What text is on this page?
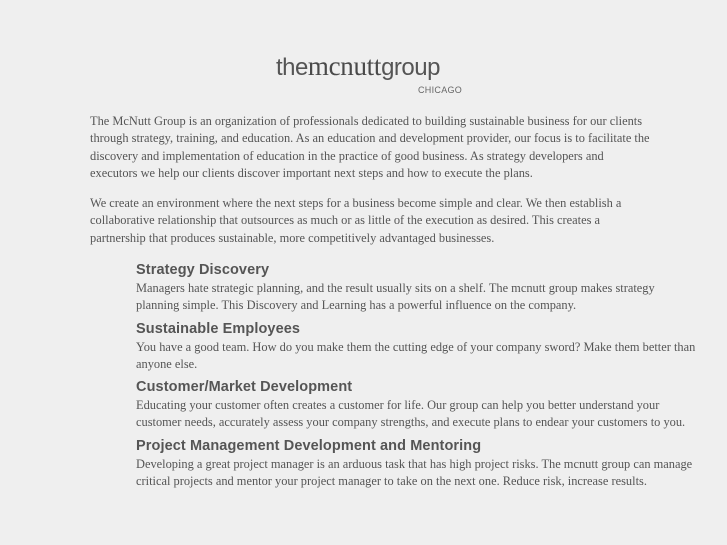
themcnuttgroup
CHICAGO

The McNutt Group is an organization of professionals dedicated to building sustainable business for our clients through strategy, training, and education. As an education and development provider, our focus is to facilitate the discovery and implementation of education in the practice of good business. As strategy developers and executors we help our clients discover important next steps and how to execute the plans.

We create an environment where the next steps for a business become simple and clear. We then establish a collaborative relationship that outsources as much or as little of the execution as desired. This creates a partnership that produces sustainable, more competitively advantaged businesses.

Strategy Discovery

Managers hate strategic planning, and the result usually sits on a shelf. The mcnutt group makes strategy planning simple. This Discovery and Learning has a powerful influence on the company.

Sustainable Employees

You have a good team. How do you make them the cutting edge of your company sword? Make them better than anyone else.

Customer/Market Development

Educating your customer often creates a customer for life. Our group can help you better understand your customer needs, accurately assess your company strengths, and execute plans to endear your customers to you.

Project Management Development and Mentoring

Developing a great project manager is an arduous task that has high project risks. The mcnutt group can manage critical projects and mentor your project manager to take on the next one. Reduce risk, increase results.
